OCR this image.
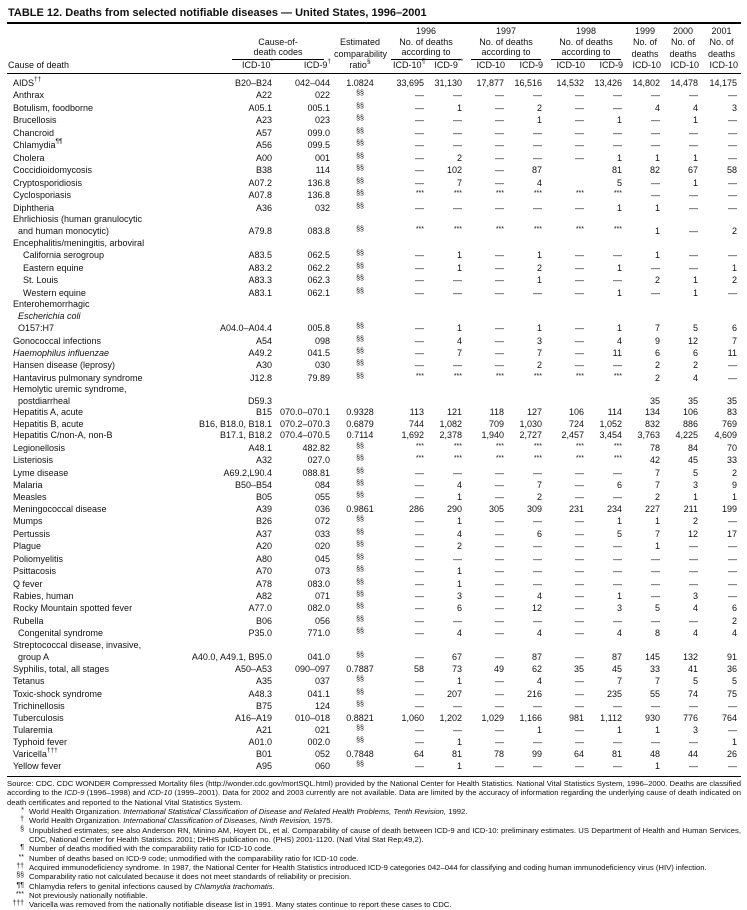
TABLE 12. Deaths from selected notifiable diseases — United States, 1996–2001
				1996		1997		1998		1999	2000	2001
	Cause-of-		Estimated	No. of deaths		No. of deaths		No. of deaths		No. of	No. of	No. of

	death codes		comparability	according to		according to		according to		deaths	deaths	deaths
Cause of death	ICD-10*	ICD-9†	ratio§	ICD-10¶	ICD-9**	ICD-10	ICD-9	ICD-10	ICD-9	ICD-10	ICD-10	ICD-10
AIDS††	B20–B24	042–044	1.0824	33,695	31,130	17,877	16,516	14,532	13,426	14,802	14,478	14,175
Anthrax	A22	022	§§	—	—	—	—	—	—	—	—	—
Botulism, foodborne	A05.1	005.1	§§	—	1	—	2	—	—	4	4	3
Brucellosis	A23	023	§§	—	—	—	1	—	1	—	1	—
Chancroid	A57	099.0	§§	—	—	—	—	—	—	—	—	—
Chlamydia¶¶	A56	099.5	§§	—	—	—	—	—	—	—	—	—
Cholera	A00	001	§§	—	2	—	—	—	1	1	1	—
Coccidioidomycosis	B38	114	§§	—	102	—	87		81	82	67	58
Cryptosporidiosis	A07.2	136.8	§§	—	7	—	4		5	—	1	—
Cyclosporiasis	A07.8	136.8	§§	***	***	***	***	***	***	—	—	—
Diphtheria	A36	032	§§	—	—	—	—	—	1	1	—	—
Ehrlichiosis (human granulocytic												
and human monocytic)	A79.8	083.8	§§	***	***	***	***	***	***	1	—	2
Encephalitis/meningitis, arboviral	

California serogroup	A83.5	062.5	§§	—	1	—	1	—	—	1	—	—
Eastern equine	A83.2	062.2	§§	—	1	—	2	—	1	—	—	1
St. Louis	A83.3	062.3	§§	—	—	—	1	—	—	2	1	2
Western equine	A83.1	062.1	§§	—	—	—	—	—	1	—	1	—
Enterohemorrhagic												
Escherichia coli												
O157:H7	A04.0–A04.4	005.8	§§	—	1	—	1	—	1	7	5	6
Gonococcal infections	A54	098	§§	—	4	—	3	—	4	9	12	7
Haemophilus influenzae	A49.2	041.5	§§	—	7	—	7	—	11	6	6	11
Hansen disease (leprosy)	A30	030	§§	—	—	—	2	—	—	2	2	—
Hantavirus pulmonary syndrome	J12.8	79.89	§§	***	***	***	***	***	***	2	4	—
Hemolytic uremic syndrome,												
postdiarrheal	D59.3									35	35	35
Hepatitis A, acute	B15	070.0–070.1	0.9328	113	121	118	127	106	114	134	106	83
Hepatitis B, acute	B16, B18.0, B18.1	070.2–070.3	0.6879	744	1,082	709	1,030	724	1,052	832	886	769
Hepatitis C/non-A, non-B	B17.1, B18.2	070.4–070.5	0.7114	1,692	2,378	1,940	2,727	2,457	3,454	3,763	4,225	4,609
Legionellosis	A48.1	482.82	§§	***	***	***	***	***	***	78	84	70
Listeriosis	A32	027.0	§§	***	***	***	***	***	***	42	45	33
Lyme disease	A69.2,L90.4	088.81	§§	—	—	—	—	—	—	7	5	2
Malaria	B50–B54	084	§§	—	4	—	7	—	6	7	3	9
Measles	B05	055	§§	—	1	—	2	—	—	2	1	1
Meningococcal disease	A39	036	0.9861	286	290	305	309	231	234	227	211	199
Mumps	B26	072	§§	—	1	—	—	—	1	1	2	—
Pertussis	A37	033	§§	—	4	—	6	—	5	7	12	17
Plague	A20	020	§§	—	2	—	—	—	—	1	—	—
Poliomyelitis	A80	045	§§	—	—	—	—	—	—	—	—	—
Psittacosis	A70	073	§§	—	1	—	—	—	—	—	—	—
Q fever	A78	083.0	§§	—	1	—	—	—	—	—	—	—
Rabies, human	A82	071	§§	—	3	—	4	—	1	—	3	—
Rocky Mountain spotted fever	A77.0	082.0	§§	—	6	—	12	—	3	5	4	6
Rubella	B06	056	§§	—	—	—	—	—	—	—	—	2
Congenital syndrome	P35.0	771.0	§§	—	4	—	4	—	4	8	4	4
Streptococcal disease, invasive,												
group A	A40.0, A49.1, B95.0	041.0	§§	—	67	—	87	—	87	145	132	91
Syphilis, total, all stages	A50–A53	090–097	0.7887	58	73	49	62	35	45	33	41	36
Tetanus	A35	037	§§	—	1	—	4	—	7	7	5	5
Toxic-shock syndrome	A48.3	041.1	§§	—	207	—	216	—	235	55	74	75
Trichinellosis	B75	124	§§	—	—	—	—	—	—	—	—	—
Tuberculosis	A16–A19	010–018	0.8821	1,060	1,202	1,029	1,166	981	1,112	930	776	764
Tularemia	A21	021	§§	—	—	—	1	—	1	1	3	—
Typhoid fever	A01.0	002.0	§§	—	1	—	—	—	—	—	—	1
Varicella†††	B01	052	0.7848	64	81	78	99	64	81	48	44	26
Yellow fever	A95	060	§§	—	1	—	—	—	—	1	—	—
Source: CDC. CDC WONDER Compressed Mortality files (http://wonder.cdc.gov/mortSQL.html) provided by the National Center for Health Statistics. National Vital Statistics System, 1996–2000. Deaths are classified according to the ICD-9 (1996–1998) and ICD-10 (1999–2001). Data for 2002 and 2003 currently are not available. Data are limited by the accuracy of information regarding the underlying cause of death indicated on death certificates and reported to the National Vital Statistics System.
* World Health Organization. International Statistical Classification of Disease and Related Health Problems, Tenth Revision, 1992.
† World Health Organization. International Classification of Diseases, Ninth Revision, 1975.
§ Unpublished estimates; see also Anderson RN, Minino AM, Hoyert DL, et al. Comparability of cause of death between ICD-9 and ICD-10: preliminary estimates. US Department of Health and Human Services, CDC, National Center for Health Statistics. 2001; DHHS publication no. (PHS) 2001-1120. (Natl Vital Stat Rep;49,2).
¶ Number of deaths modified with the comparability ratio for ICD-10 code.
** Number of deaths based on ICD-9 code; unmodified with the comparability ratio for ICD-10 code.
†† Acquired immunodeficiency syndrome. In 1987, the National Center for Health Statistics introduced ICD-9 categories 042–044 for classifying and coding human immunodeficiency virus (HIV) infection.
§§ Comparability ratio not calculated because it does not meet standards of reliability or precision.
¶¶ Chlamydia refers to genital infections caused by Chlamydia trachomatis.
*** Not previously nationally notifiable.
††† Varicella was removed from the nationally notifiable disease list in 1991. Many states continue to report these cases to CDC.
